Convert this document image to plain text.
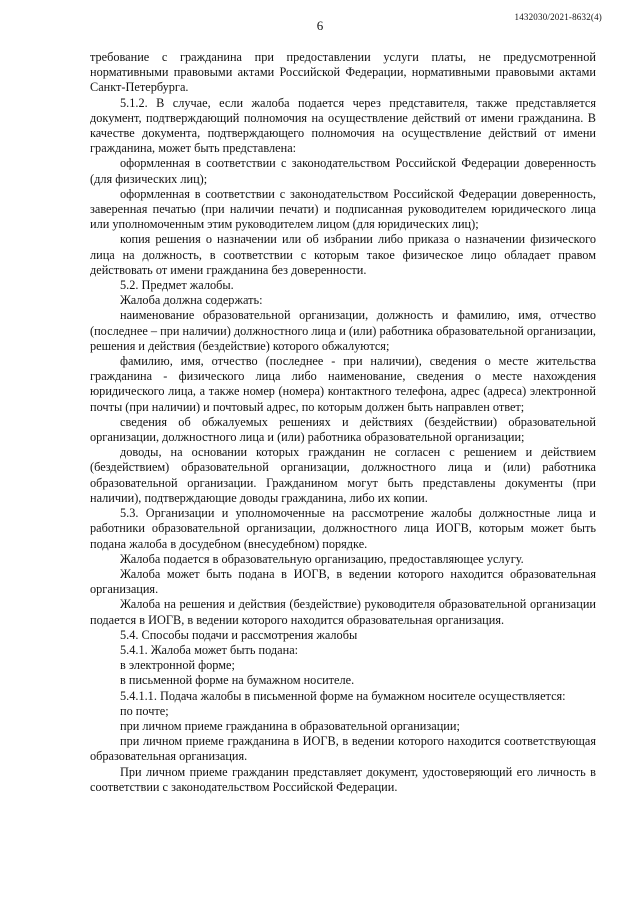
6
1432030/2021-8632(4)

требование с гражданина при предоставлении услуги платы, не предусмотренной нормативными правовыми актами Российской Федерации, нормативными правовыми актами Санкт-Петербурга.

5.1.2. В случае, если жалоба подается через представителя, также представляется документ, подтверждающий полномочия на осуществление действий от имени гражданина. В качестве документа, подтверждающего полномочия на осуществление действий от имени гражданина, может быть представлена:

оформленная в соответствии с законодательством Российской Федерации доверенность (для физических лиц);

оформленная в соответствии с законодательством Российской Федерации доверенность, заверенная печатью (при наличии печати) и подписанная руководителем юридического лица или уполномоченным этим руководителем лицом (для юридических лиц);

копия решения о назначении или об избрании либо приказа о назначении физического лица на должность, в соответствии с которым такое физическое лицо обладает правом действовать от имени гражданина без доверенности.

5.2. Предмет жалобы.

Жалоба должна содержать:

наименование образовательной организации, должность и фамилию, имя, отчество (последнее – при наличии) должностного лица и (или) работника образовательной организации, решения и действия (бездействие) которого обжалуются;

фамилию, имя, отчество (последнее - при наличии), сведения о месте жительства гражданина - физического лица либо наименование, сведения о месте нахождения юридического лица, а также номер (номера) контактного телефона, адрес (адреса) электронной почты (при наличии) и почтовый адрес, по которым должен быть направлен ответ;

сведения об обжалуемых решениях и действиях (бездействии) образовательной организации, должностного лица и (или) работника образовательной организации;

доводы, на основании которых гражданин не согласен с решением и действием (бездействием) образовательной организации, должностного лица и (или) работника образовательной организации. Гражданином могут быть представлены документы (при наличии), подтверждающие доводы гражданина, либо их копии.

5.3. Организации и уполномоченные на рассмотрение жалобы должностные лица и работники образовательной организации, должностного лица ИОГВ, которым может быть подана жалоба в досудебном (внесудебном) порядке.

Жалоба подается в образовательную организацию, предоставляющее услугу.

Жалоба может быть подана в ИОГВ, в ведении которого находится образовательная организация.

Жалоба на решения и действия (бездействие) руководителя образовательной организации подается в ИОГВ, в ведении которого находится образовательная организация.

5.4. Способы подачи и рассмотрения жалобы

5.4.1. Жалоба может быть подана:

в электронной форме;

в письменной форме на бумажном носителе.

5.4.1.1. Подача жалобы в письменной форме на бумажном носителе осуществляется:

по почте;

при личном приеме гражданина в образовательной организации;

при личном приеме гражданина в ИОГВ, в ведении которого находится соответствующая образовательная организация.

При личном приеме гражданин представляет документ, удостоверяющий его личность в соответствии с законодательством Российской Федерации.
